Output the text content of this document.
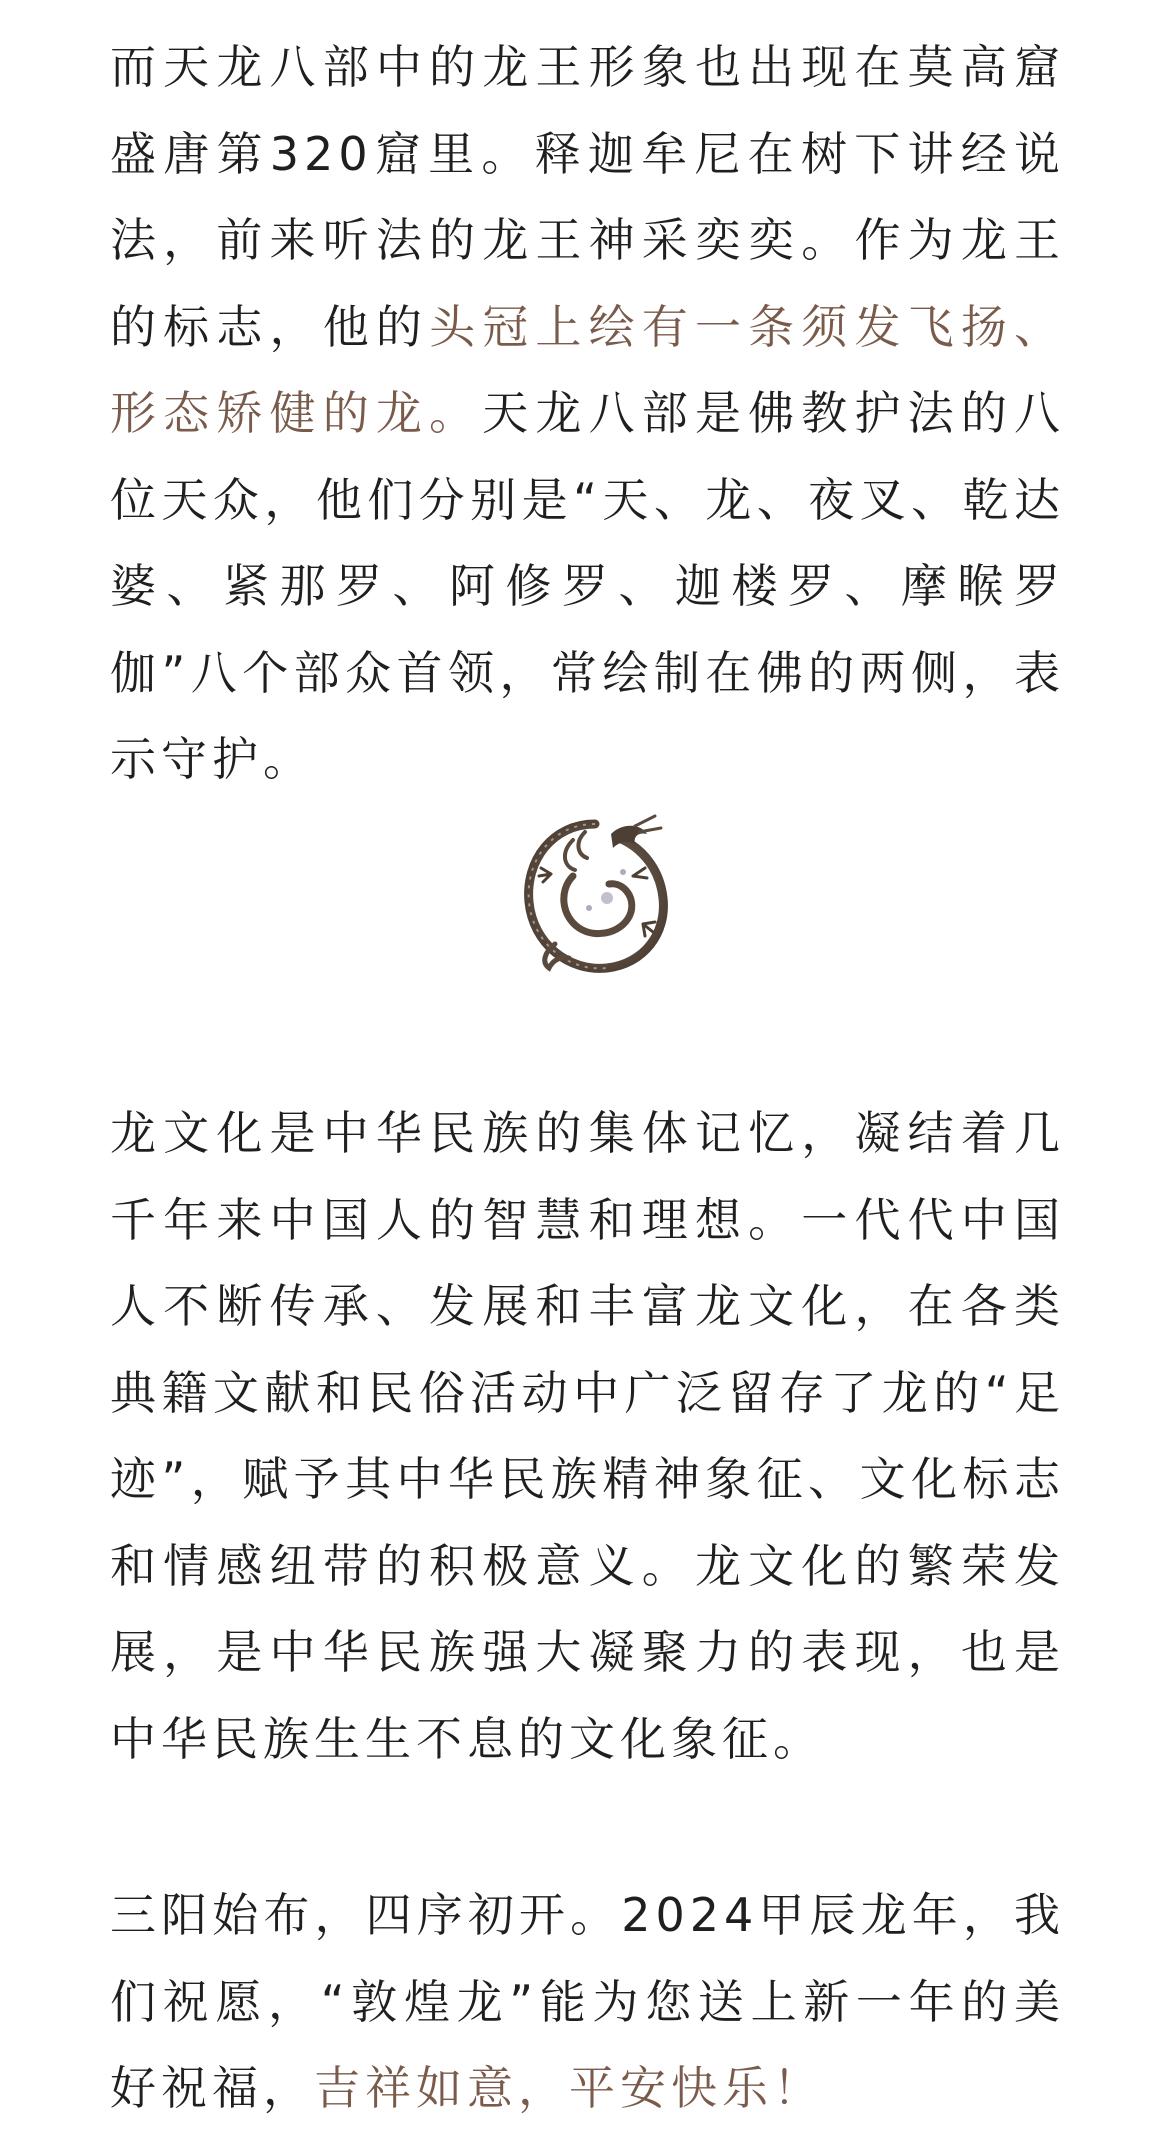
而天龙八部中的龙王形象也出现在莫高窟盛唐第320窟里。释迦牟尼在树下讲经说法，前来听法的龙王神采奕奕。作为龙王的标志，他的头冠上绘有一条须发飞扬、形态矫健的龙。天龙八部是佛教护法的八位天众，他们分别是“天、龙、夜叉、乾达婆、紧那罗、阿修罗、迦楼罗、摩睺罗伽”八个部众首领，常绘制在佛的两侧，表示守护。

龙文化是中华民族的集体记忆，凝结着几千年来中国人的智慧和理想。一代代中国人不断传承、发展和丰富龙文化，在各类典籍文献和民俗活动中广泛留存了龙的“足迹”，赋予其中华民族精神象征、文化标志和情感纽带的积极意义。龙文化的繁荣发展，是中华民族强大凝聚力的表现，也是中华民族生生不息的文化象征。

三阳始布，四序初开。2024甲辰龙年，我们祝愿，“敦煌龙”能为您送上新一年的美好祝福，吉祥如意，平安快乐！
